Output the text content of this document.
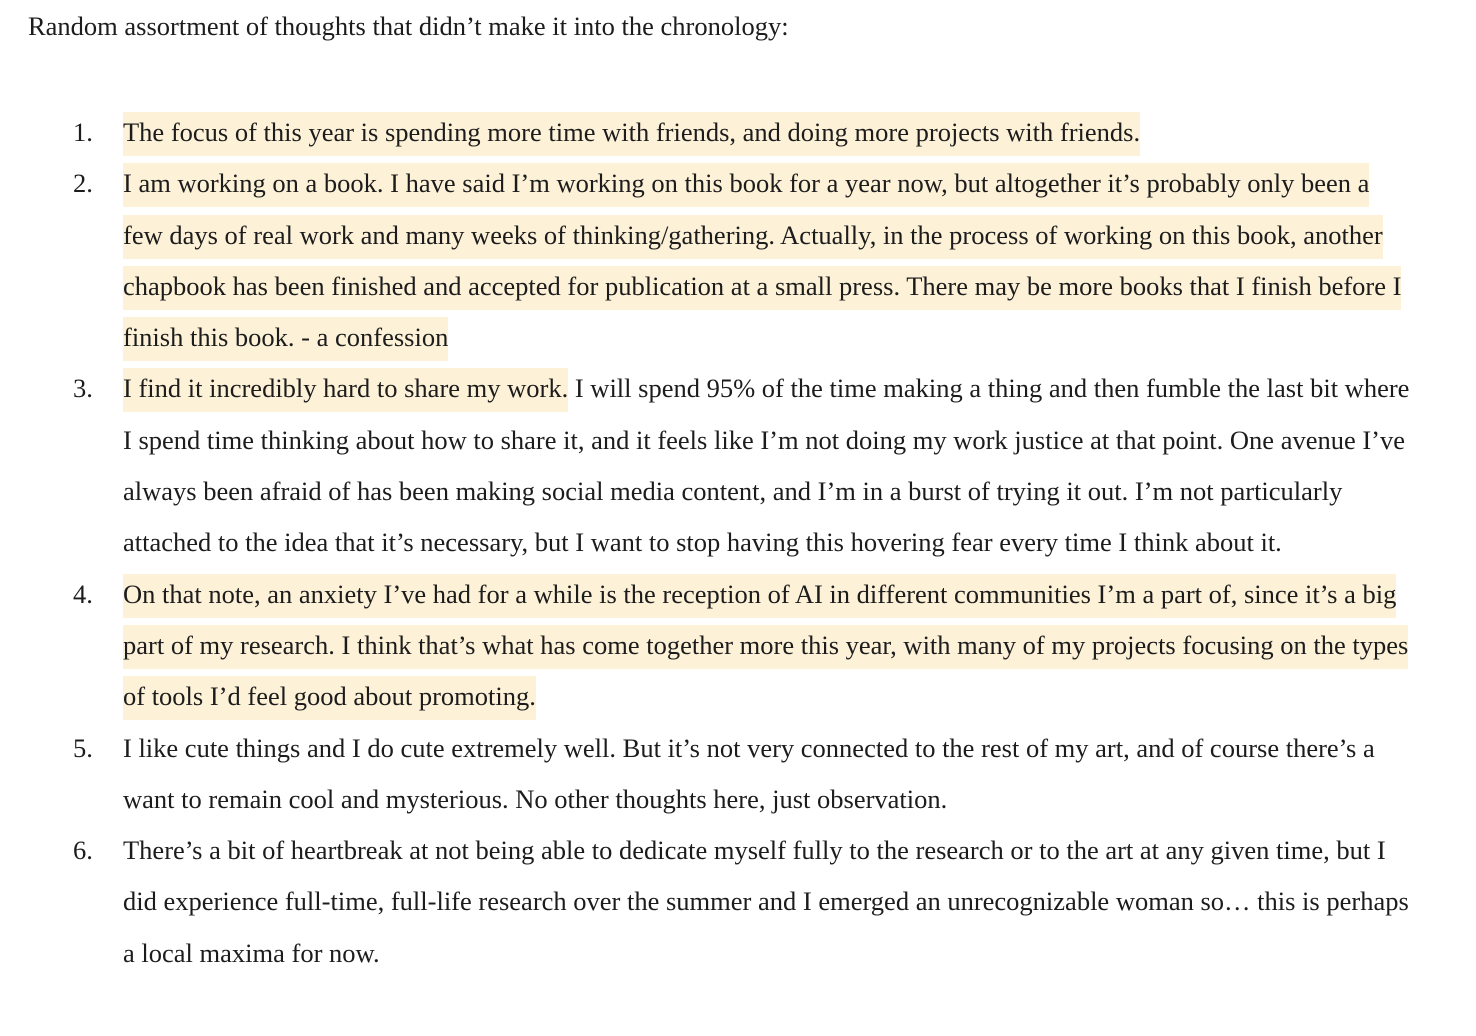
Random assortment of thoughts that didn’t make it into the chronology:

1.	The focus of this year is spending more time with friends, and doing more projects with friends.
2.	I am working on a book. I have said I’m working on this book for a year now, but altogether it’s probably only been a few days of real work and many weeks of thinking/gathering. Actually, in the process of working on this book, another chapbook has been finished and accepted for publication at a small press. There may be more books that I finish before I finish this book. - a confession
3.	I find it incredibly hard to share my work. I will spend 95% of the time making a thing and then fumble the last bit where I spend time thinking about how to share it, and it feels like I’m not doing my work justice at that point. One avenue I’ve always been afraid of has been making social media content, and I’m in a burst of trying it out. I’m not particularly attached to the idea that it’s necessary, but I want to stop having this hovering fear every time I think about it.
4.	On that note, an anxiety I’ve had for a while is the reception of AI in different communities I’m a part of, since it’s a big part of my research. I think that’s what has come together more this year, with many of my projects focusing on the types of tools I’d feel good about promoting.
5.	I like cute things and I do cute extremely well. But it’s not very connected to the rest of my art, and of course there’s a want to remain cool and mysterious. No other thoughts here, just observation.
6.	There’s a bit of heartbreak at not being able to dedicate myself fully to the research or to the art at any given time, but I did experience full-time, full-life research over the summer and I emerged an unrecognizable woman so… this is perhaps a local maxima for now.
